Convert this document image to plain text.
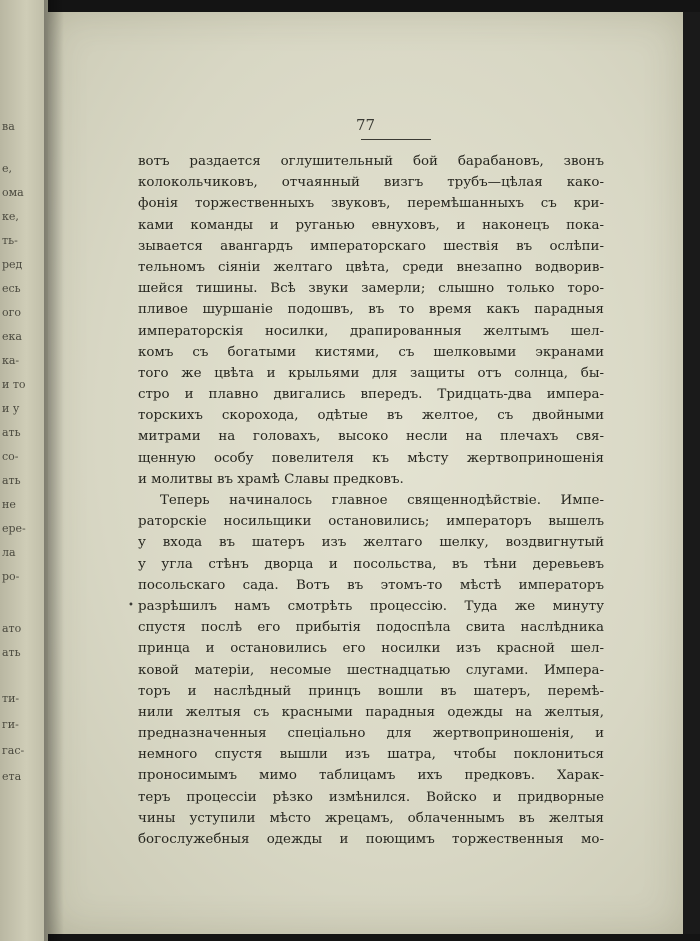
ва
е,
ома
ке,
ть-
ред
есь
ого
ека
ка-
и то
и у
ать
со-
ать
не
ере-
ла
ро-
ато
ать
ти-
ги-
гас-
ета
77
•
вотъ раздается оглушительный бой барабановъ, звонъ
колокольчиковъ, отчаянный визгъ трубъ—цѣлая како-
фонія торжественныхъ звуковъ, перемѣшанныхъ съ кри-
ками команды и руганью евнуховъ, и наконецъ пока-
зывается авангардъ императорскаго шествія въ ослѣпи-
тельномъ сіяніи желтаго цвѣта, среди внезапно водворив-
шейся тишины. Всѣ звуки замерли; слышно только торо-
пливое шуршаніе подошвъ, въ то время какъ парадныя
императорскія носилки, драпированныя желтымъ шел-
комъ съ богатыми кистями, съ шелковыми экранами
того же цвѣта и крыльями для защиты отъ солнца, бы-
стро и плавно двигались впередъ. Тридцать-два импера-
торскихъ скорохода, одѣтые въ желтое, съ двойными
митрами на головахъ, высоко несли на плечахъ свя-
щенную особу повелителя къ мѣсту жертвоприношенія
и молитвы въ храмѣ Славы предковъ.
Теперь начиналось главное священнодѣйствіе. Импе-
раторскіе носильщики остановились; императоръ вышелъ
у входа въ шатеръ изъ желтаго шелку, воздвигнутый
у угла стѣнъ дворца и посольства, въ тѣни деревьевъ
посольскаго сада. Вотъ въ этомъ-то мѣстѣ императоръ
разрѣшилъ намъ смотрѣть процессію. Туда же минуту
спустя послѣ его прибытія подоспѣла свита наслѣдника
принца и остановились его носилки изъ красной шел-
ковой матеріи, несомые шестнадцатью слугами. Импера-
торъ и наслѣдный принцъ вошли въ шатеръ, перемѣ-
нили желтыя съ красными парадныя одежды на желтыя,
предназначенныя спеціально для жертвоприношенія, и
немного спустя вышли изъ шатра, чтобы поклониться
проносимымъ мимо таблицамъ ихъ предковъ. Харак-
теръ процессіи рѣзко измѣнился. Войско и придворные
чины уступили мѣсто жрецамъ, облаченнымъ въ желтыя
богослужебныя одежды и поющимъ торжественныя мо-
